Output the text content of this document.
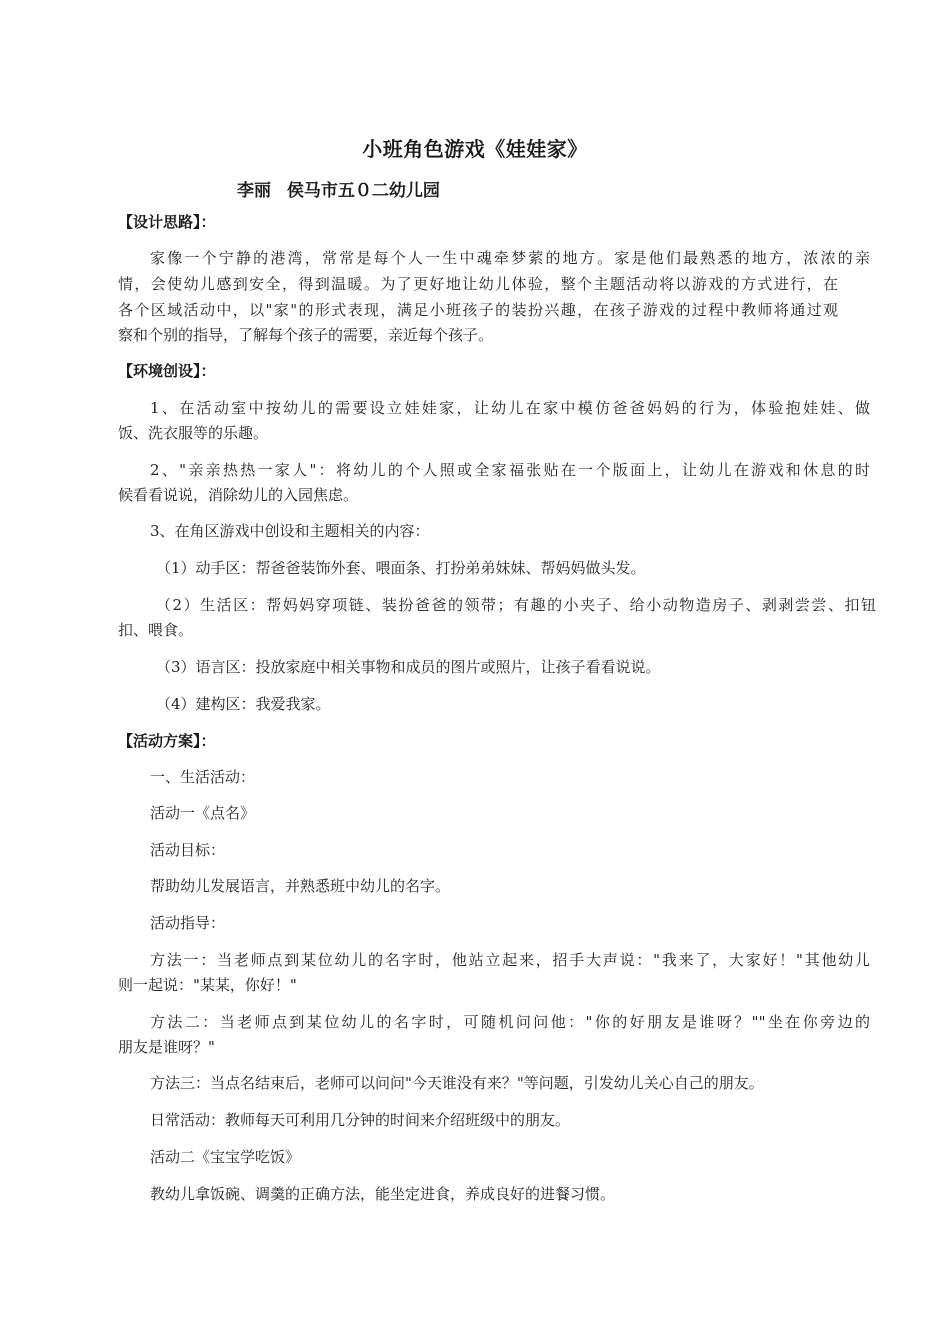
小班角色游戏《娃娃家》
李丽 侯马市五０二幼儿园
【设计思路】：
家像一个宁静的港湾，常常是每个人一生中魂牵梦萦的地方。家是他们最熟悉的地方，浓浓的亲
情，会使幼儿感到安全，得到温暖。为了更好地让幼儿体验，整个主题活动将以游戏的方式进行，在
各个区域活动中，以"家"的形式表现，满足小班孩子的装扮兴趣，在孩子游戏的过程中教师将通过观
察和个别的指导，了解每个孩子的需要，亲近每个孩子。
【环境创设】：
1、在活动室中按幼儿的需要设立娃娃家，让幼儿在家中模仿爸爸妈妈的行为，体验抱娃娃、做
饭、洗衣服等的乐趣。
2、"亲亲热热一家人"：将幼儿的个人照或全家福张贴在一个版面上，让幼儿在游戏和休息的时
候看看说说，消除幼儿的入园焦虑。
3、在角区游戏中创设和主题相关的内容：
（1）动手区：帮爸爸装饰外套、喂面条、打扮弟弟妹妹、帮妈妈做头发。
（2）生活区：帮妈妈穿项链、装扮爸爸的领带；有趣的小夹子、给小动物造房子、剥剥尝尝、扣钮
扣、喂食。
（3）语言区：投放家庭中相关事物和成员的图片或照片，让孩子看看说说。
（4）建构区：我爱我家。
【活动方案】：
一、生活活动：
活动一《点名》
活动目标：
帮助幼儿发展语言，并熟悉班中幼儿的名字。
活动指导：
方法一：当老师点到某位幼儿的名字时，他站立起来，招手大声说："我来了，大家好！"其他幼儿
则一起说："某某，你好！"
方法二：当老师点到某位幼儿的名字时，可随机问问他："你的好朋友是谁呀？""坐在你旁边的
朋友是谁呀？"
方法三：当点名结束后，老师可以问问"今天谁没有来？"等问题，引发幼儿关心自己的朋友。
日常活动：教师每天可利用几分钟的时间来介绍班级中的朋友。
活动二《宝宝学吃饭》
教幼儿拿饭碗、调羹的正确方法，能坐定进食，养成良好的进餐习惯。
